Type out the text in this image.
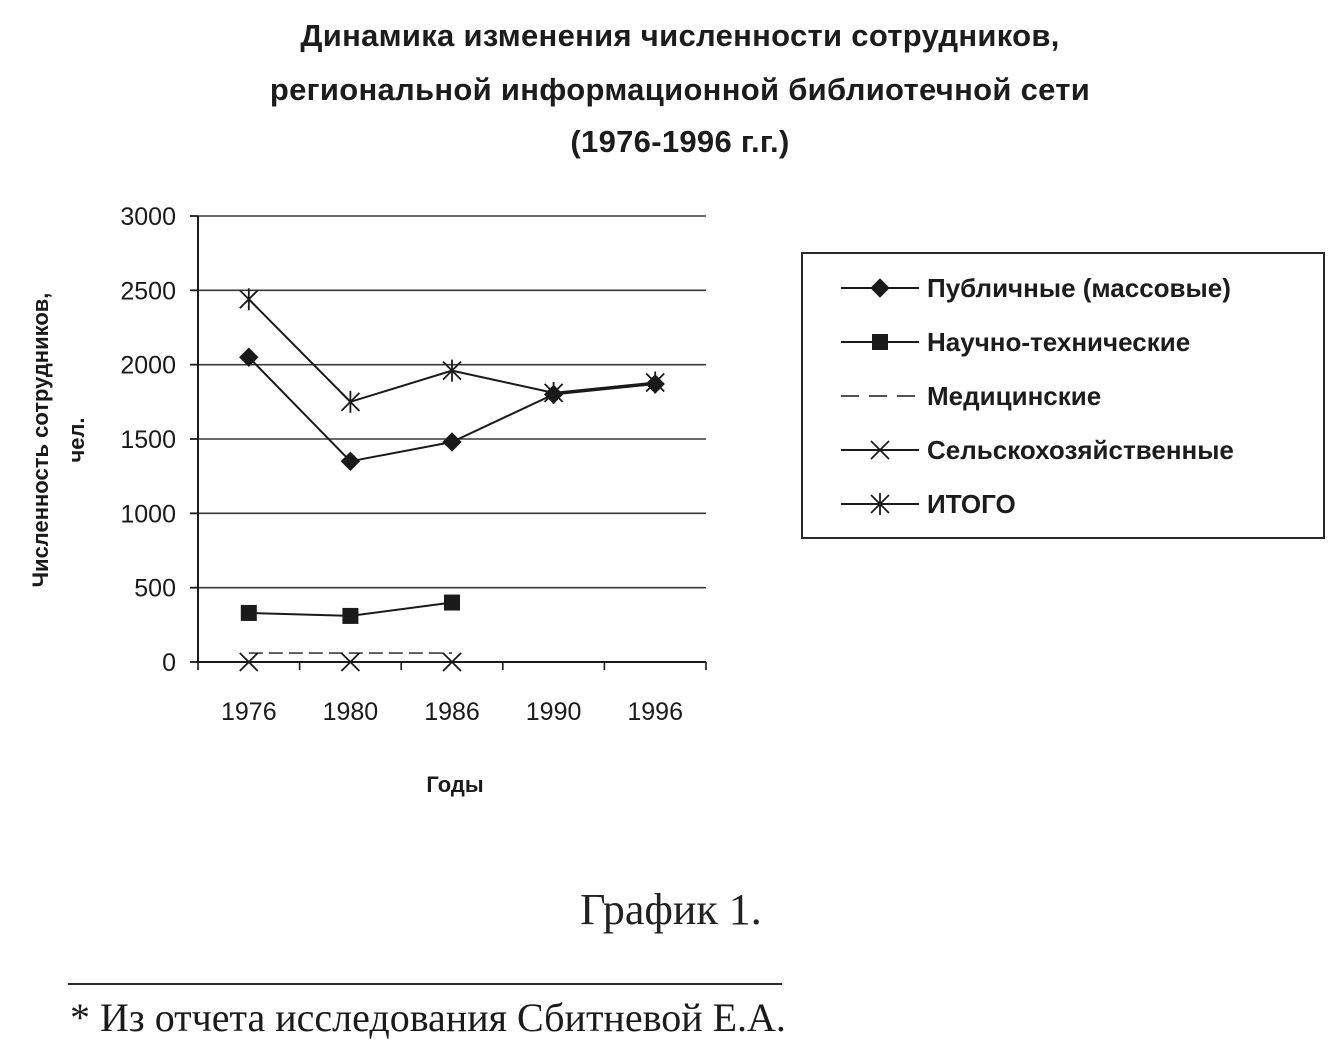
Динамика изменения численности сотрудников,
региональной информационной библиотечной сети
(1976-1996 г.г.)
0
500
1000
1500
2000
2500
3000
1976 1980 1986 1990 1996
Годы
Численность сотрудников, чел.
Публичные (массовые)
Научно-технические
Медицинские
Сельскохозяйственные
ИТОГО
График 1.
* Из отчета исследования Сбитневой Е.А.
